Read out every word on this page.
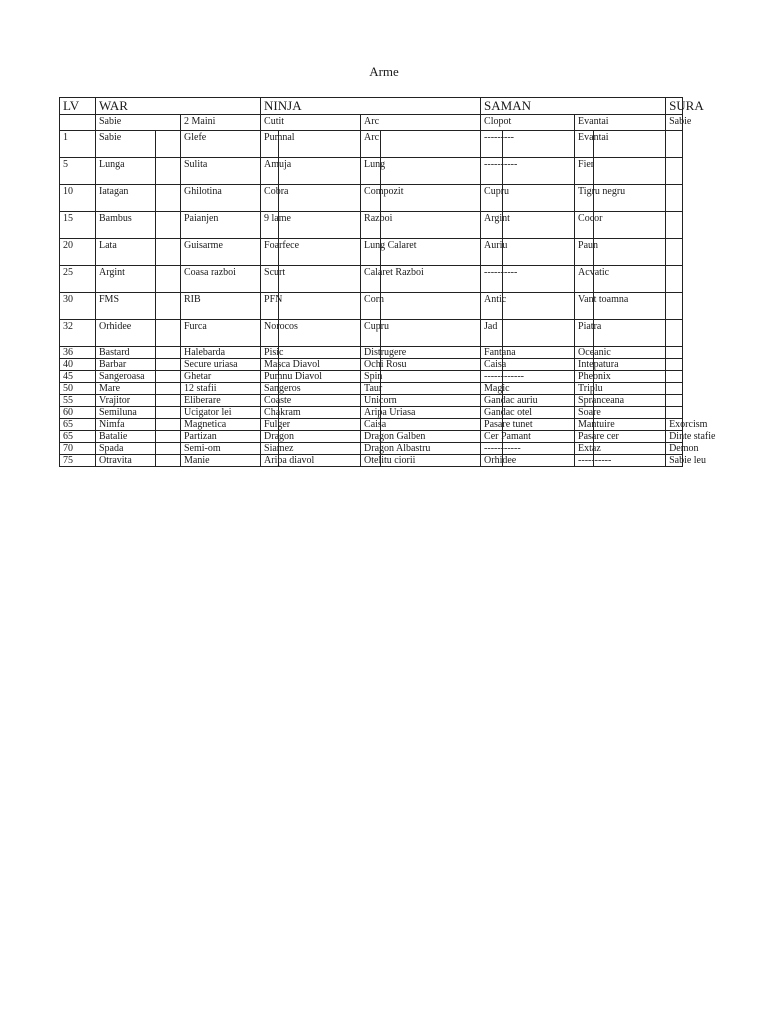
Arme
LV	WAR			NINJA				SAMAN				SURA
	Sabie		2 Maini	Cutit		Arc		Clopot		Evantai		Sabie
1	Sabie		Glefe	Pumnal		Arc		---------		Evantai		
5	Lunga		Sulita	Amuja		Lung		----------		Fier		
10	Iatagan		Ghilotina	Cobra		Compozit		Cupru		Tigru negru		
15	Bambus		Paianjen	9 lame		Razboi		Argint		Cocor		
20	Lata		Guisarme	Foarfece		Lung Calaret		Auriu		Paun		
25	Argint		Coasa razboi	Scurt		Calaret Razboi		----------		Acvatic		
30	FMS		RIB	PFN		Corn		Antic		Vant toamna		
32	Orhidee		Furca	Norocos		Cupru		Jad		Piatra		
36	Bastard		Halebarda	Pisic		Distrugere		Fantana		Oceanic		
40	Barbar		Secure uriasa	Masca Diavol		Ochi Rosu		Caisa		Intepatura		
45	Sangeroasa		Ghetar	Pumnu Diavol		Spin		------------		Pheonix		
50	Mare		12 stafii	Sangeros		Taur		Magic		Triplu		
55	Vrajitor		Eliberare	Coaste		Unicorn		Gandac auriu		Spranceana		
60	Semiluna		Ucigator lei	Chakram		Aripa Uriasa		Gandac otel		Soare		
65	Nimfa		Magnetica	Fulger		Caisa		Pasare tunet		Mantuire		Exorcism
65	Batalie		Partizan	Dragon		Dragon Galben		Cer Pamant		Pasare cer		Dinte stafie
70	Spada		Semi-om	Siamez		Dragon Albastru		-----------		Extaz		Demon
75	Otravita		Manie	Aripa diavol		Otelitu ciorii		Orhidee		----------		Sabie leu
